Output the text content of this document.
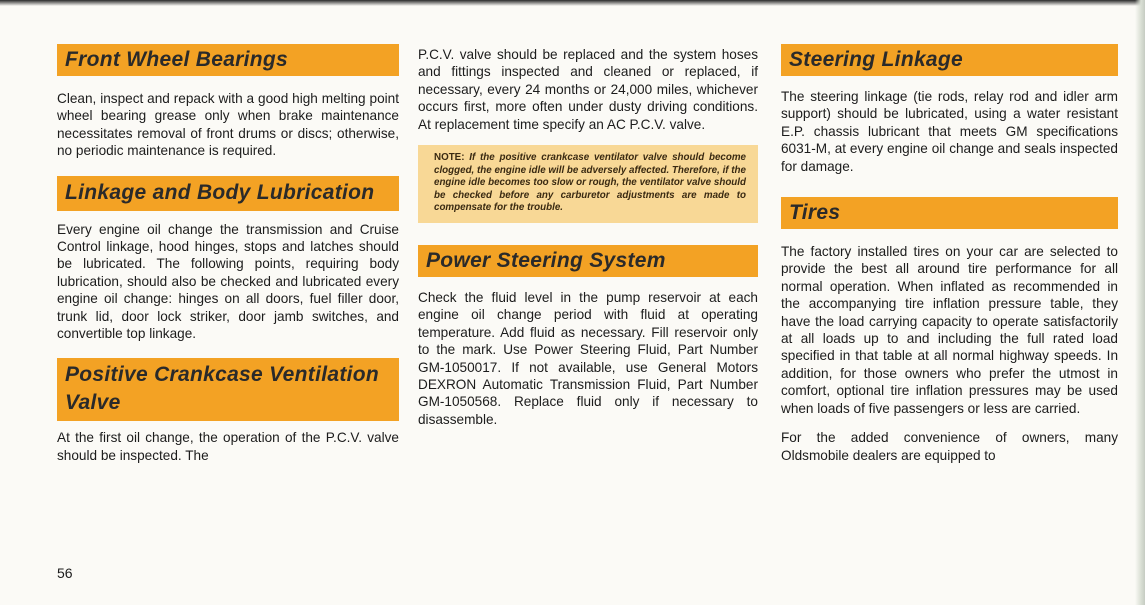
Front Wheel Bearings

Clean, inspect and repack with a good high melting point wheel bearing grease only when brake maintenance necessitates removal of front drums or discs; otherwise, no periodic maintenance is required.

Linkage and Body Lubrication

Every engine oil change the transmission and Cruise Control linkage, hood hinges, stops and latches should be lubricated. The following points, requiring body lubrication, should also be checked and lubricated every engine oil change: hinges on all doors, fuel filler door, trunk lid, door lock striker, door jamb switches, and convertible top linkage.

Positive Crankcase Ventilation Valve

At the first oil change, the operation of the P.C.V. valve should be inspected. The

56

P.C.V. valve should be replaced and the system hoses and fittings inspected and cleaned or replaced, if necessary, every 24 months or 24,000 miles, whichever occurs first, more often under dusty driving conditions. At replacement time specify an AC P.C.V. valve.

NOTE: If the positive crankcase ventilator valve should become clogged, the engine idle will be adversely affected. Therefore, if the engine idle becomes too slow or rough, the ventilator valve should be checked before any carburetor adjustments are made to compensate for the trouble.
Power Steering System

Check the fluid level in the pump reservoir at each engine oil change period with fluid at operating temperature. Add fluid as necessary. Fill reservoir only to the mark. Use Power Steering Fluid, Part Number GM-1050017. If not available, use General Motors DEXRON Automatic Transmission Fluid, Part Number GM-1050568. Replace fluid only if necessary to disassemble.

Steering Linkage

The steering linkage (tie rods, relay rod and idler arm support) should be lubricated, using a water resistant E.P. chassis lubricant that meets GM specifications 6031-M, at every engine oil change and seals inspected for damage.

Tires

The factory installed tires on your car are selected to provide the best all around tire performance for all normal operation. When inflated as recommended in the accompanying tire inflation pressure table, they have the load carrying capacity to operate satisfactorily at all loads up to and including the full rated load specified in that table at all normal highway speeds. In addition, for those owners who prefer the utmost in comfort, optional tire inflation pressures may be used when loads of five passengers or less are carried.

For the added convenience of owners, many Oldsmobile dealers are equipped to
